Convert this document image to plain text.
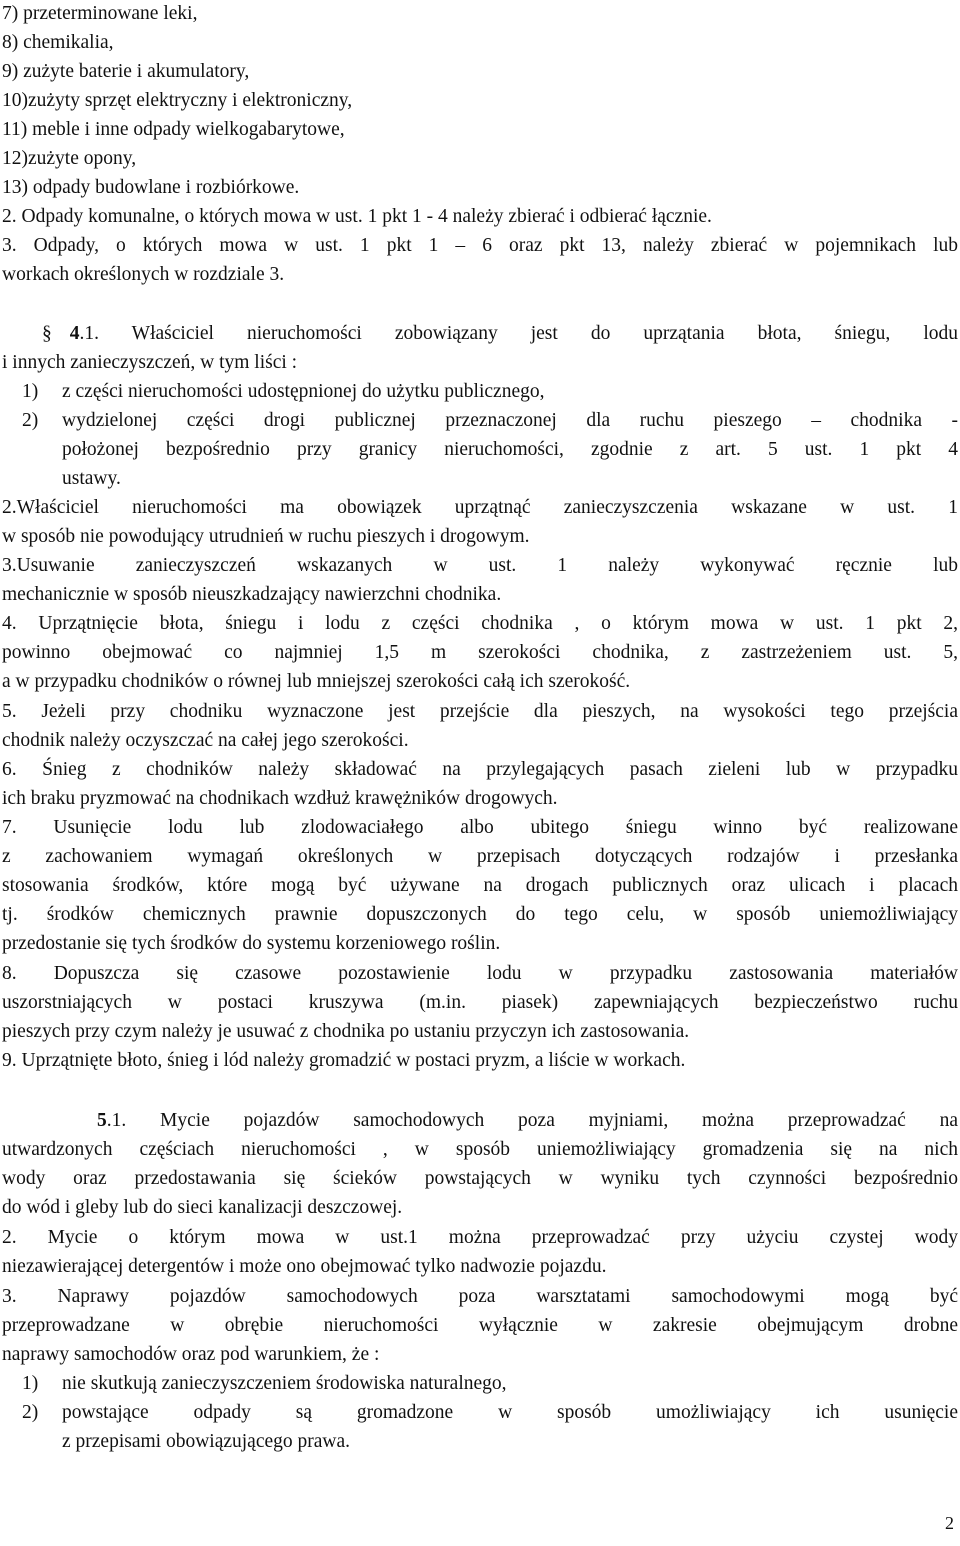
7) przeterminowane leki,
8) chemikalia,
9) zużyte baterie i akumulatory,
10)zużyty sprzęt elektryczny i elektroniczny,
11) meble i inne odpady wielkogabarytowe,
12)zużyte opony,
13) odpady budowlane i rozbiórkowe.
2. Odpady komunalne, o których mowa w ust. 1 pkt 1 - 4 należy zbierać i odbierać łącznie.
3. Odpady, o których mowa w ust. 1 pkt 1 – 6 oraz pkt 13, należy zbierać w pojemnikach lub
workach określonych w rozdziale 3.
§ 4.1. Właściciel nieruchomości zobowiązany jest do uprzątania błota, śniegu, lodu
i innych zanieczyszczeń, w tym liści :
1)	z części nieruchomości udostępnionej do użytku publicznego,
2)	wydzielonej części drogi publicznej przeznaczonej dla ruchu pieszego – chodnika -
położonej bezpośrednio przy granicy nieruchomości, zgodnie z art. 5 ust. 1 pkt 4
ustawy.
2.Właściciel nieruchomości ma obowiązek uprzątnąć zanieczyszczenia wskazane w ust. 1
w sposób nie powodujący utrudnień w ruchu pieszych i drogowym.
3.Usuwanie zanieczyszczeń wskazanych w ust. 1 należy wykonywać ręcznie lub
mechanicznie w sposób nieuszkadzający nawierzchni chodnika.
4. Uprzątnięcie błota, śniegu i lodu z części chodnika , o którym mowa w ust. 1 pkt 2,
powinno obejmować co najmniej 1,5 m szerokości chodnika, z zastrzeżeniem ust. 5,
a w przypadku chodników o równej lub mniejszej szerokości całą ich szerokość.
5. Jeżeli przy chodniku wyznaczone jest przejście dla pieszych, na wysokości tego przejścia
chodnik należy oczyszczać na całej jego szerokości.
6. Śnieg z chodników należy składować na przylegających pasach zieleni lub w przypadku
ich braku pryzmować na chodnikach wzdłuż krawężników drogowych.
7. Usunięcie lodu lub zlodowaciałego albo ubitego śniegu winno być realizowane
z zachowaniem wymagań określonych w przepisach dotyczących rodzajów i przesłanka
stosowania środków, które mogą być używane na drogach publicznych oraz ulicach i placach
tj. środków chemicznych prawnie dopuszczonych do tego celu, w sposób uniemożliwiający
przedostanie się tych środków do systemu korzeniowego roślin.
8. Dopuszcza się czasowe pozostawienie lodu w przypadku zastosowania materiałów
uszorstniających w postaci kruszywa (m.in. piasek) zapewniających bezpieczeństwo ruchu
pieszych przy czym należy je usuwać z chodnika po ustaniu przyczyn ich zastosowania.
9. Uprzątnięte błoto, śnieg i lód należy gromadzić w postaci pryzm, a liście w workach.
5.1. Mycie pojazdów samochodowych poza myjniami, można przeprowadzać na
utwardzonych częściach nieruchomości , w sposób uniemożliwiający gromadzenia się na nich
wody oraz przedostawania się ścieków powstających w wyniku tych czynności bezpośrednio
do wód i gleby lub do sieci kanalizacji deszczowej.
2. Mycie o którym mowa w ust.1 można przeprowadzać przy użyciu czystej wody
niezawierającej detergentów i może ono obejmować tylko nadwozie pojazdu.
3. Naprawy pojazdów samochodowych poza warsztatami samochodowymi mogą być
przeprowadzane w obrębie nieruchomości wyłącznie w zakresie obejmującym drobne
naprawy samochodów oraz pod warunkiem, że :
1)	nie skutkują zanieczyszczeniem środowiska naturalnego,
2)	powstające odpady są gromadzone w sposób umożliwiający ich usunięcie
z przepisami obowiązującego prawa.
2
